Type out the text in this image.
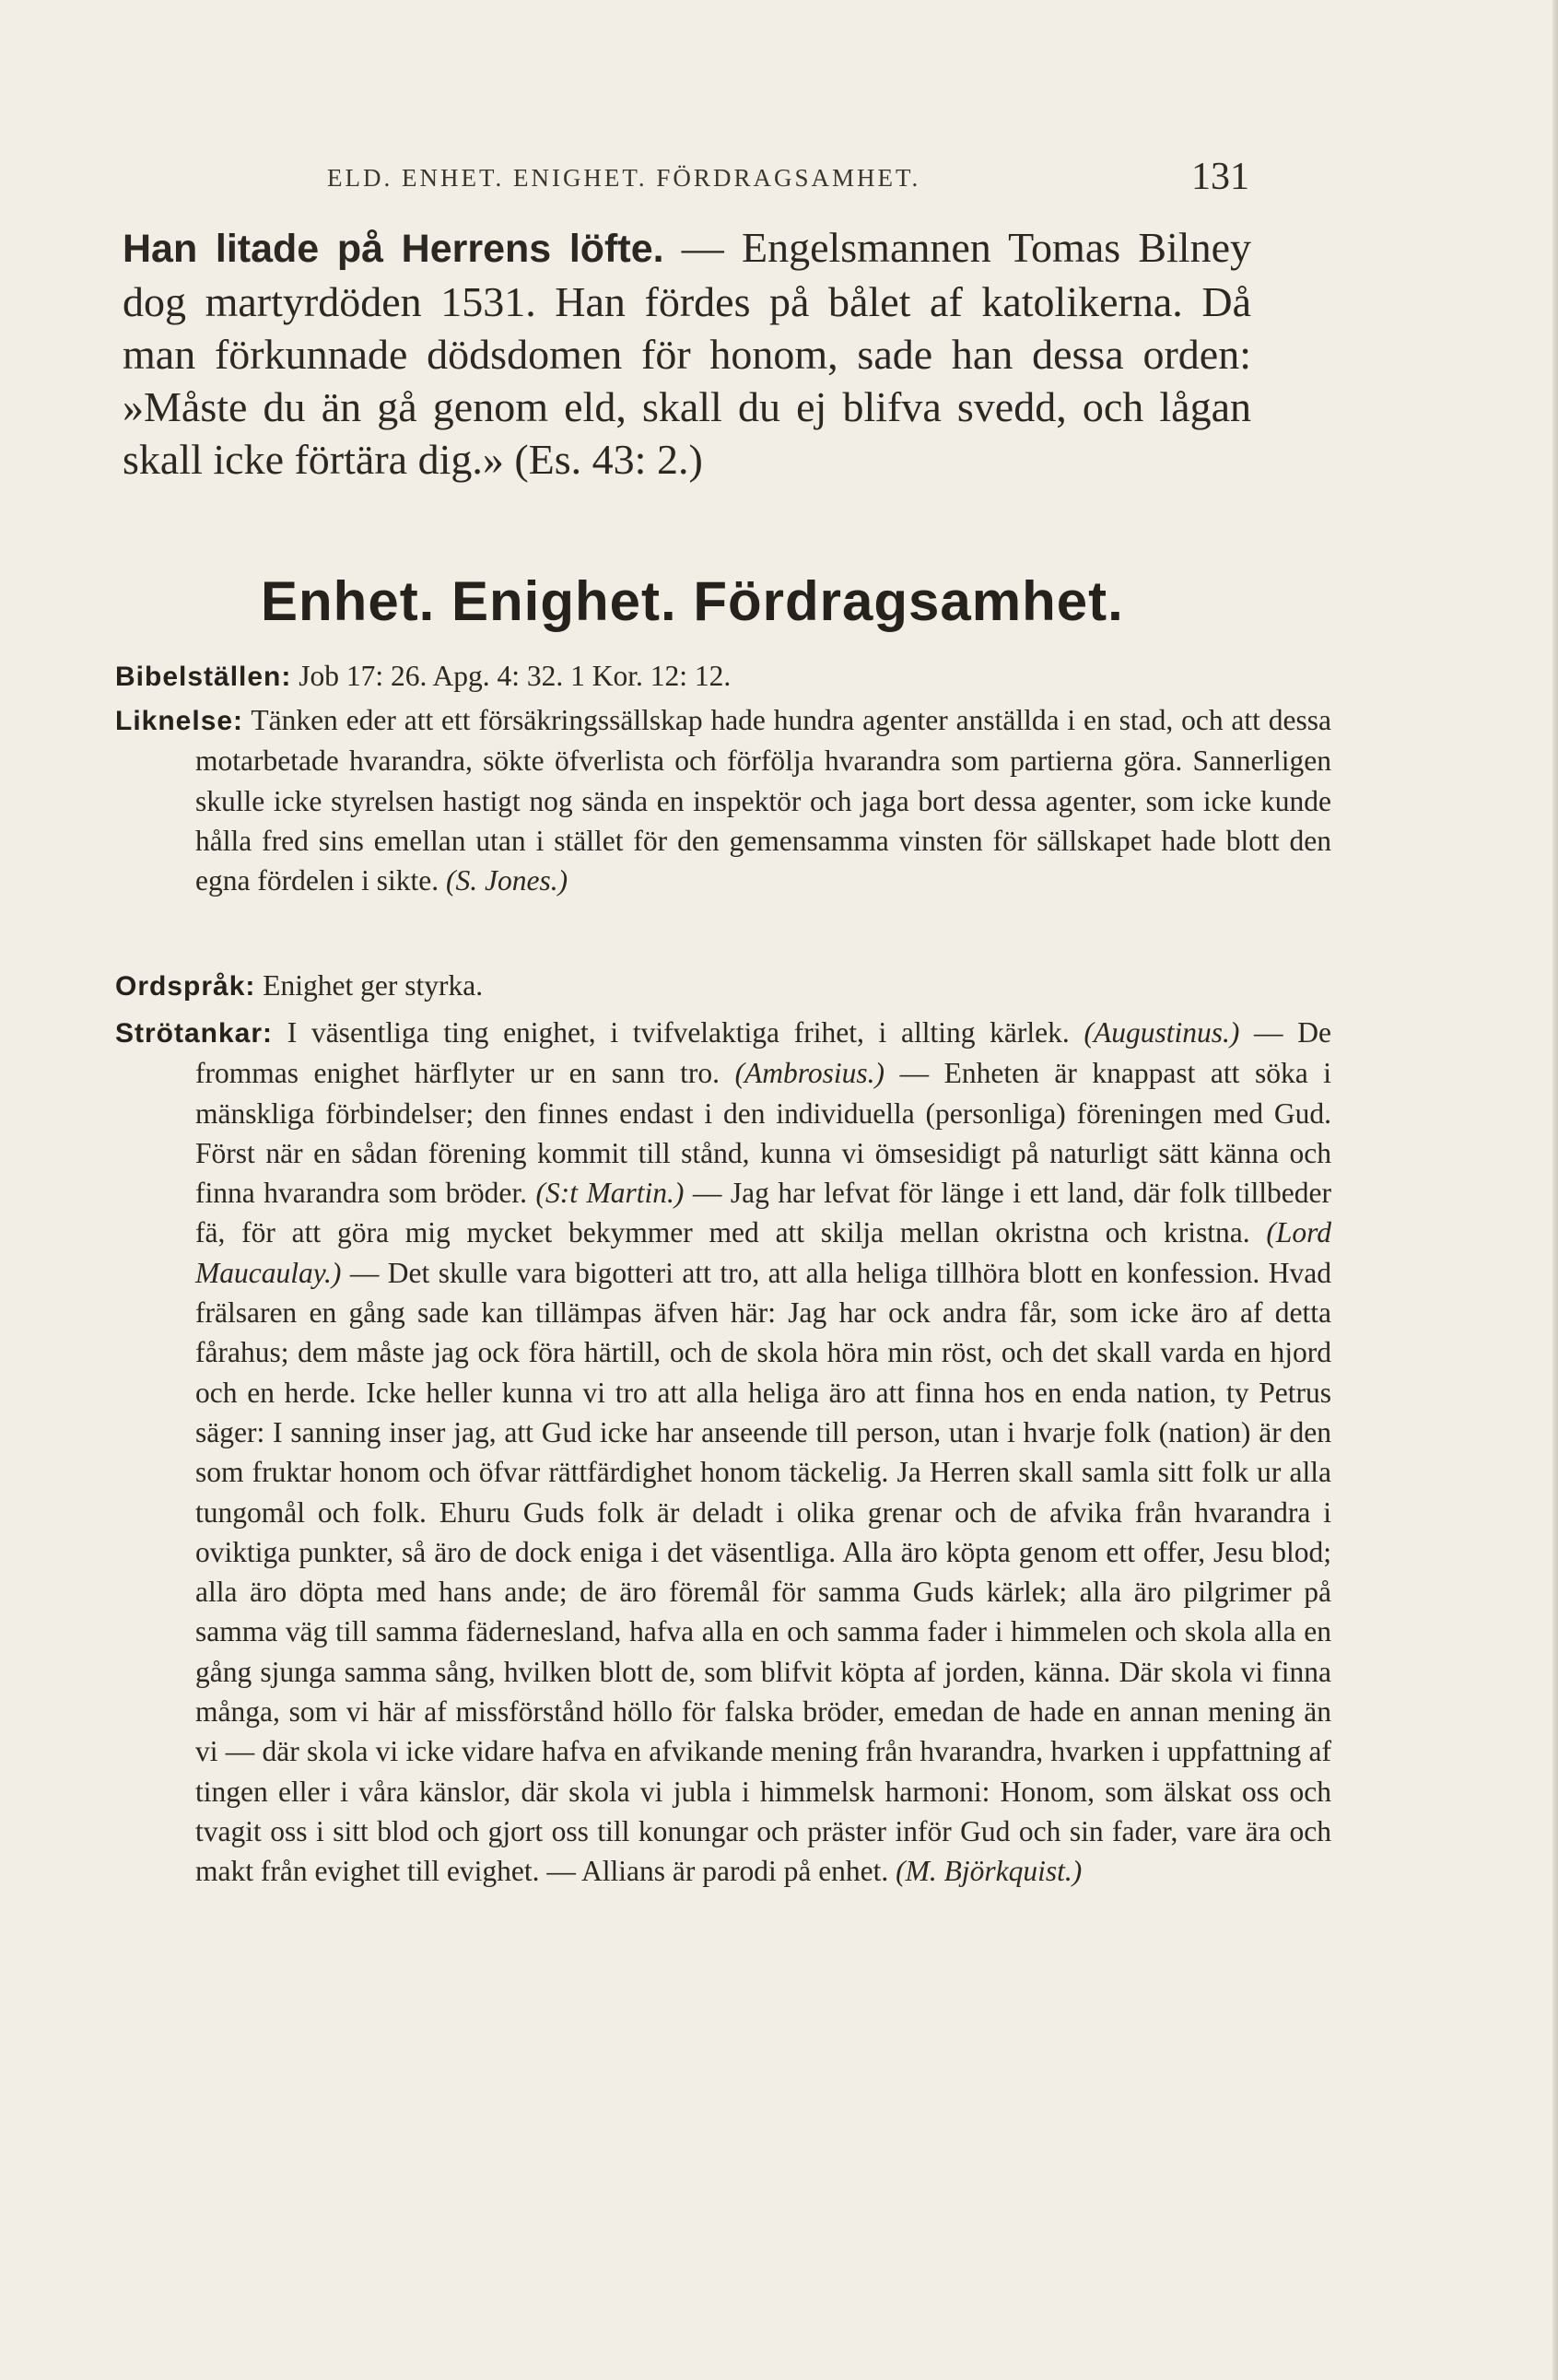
ELD. ENHET. ENIGHET. FÖRDRAGSAMHET.	131
Han litade på Herrens löfte. — Engelsmannen Tomas Bilney dog martyrdöden 1531. Han fördes på bålet af katolikerna. Då man förkunnade dödsdomen för honom, sade han dessa orden: »Måste du än gå genom eld, skall du ej blifva svedd, och lågan skall icke förtära dig.» (Es. 43: 2.)
Enhet. Enighet. Fördragsamhet.
Bibelställen: Job 17: 26. Apg. 4: 32. 1 Kor. 12: 12.
Liknelse: Tänken eder att ett försäkringssällskap hade hundra agenter anställda i en stad, och att dessa motarbetade hvarandra, sökte öfverlista och förfölja hvarandra som partierna göra. Sannerligen skulle icke styrelsen hastigt nog sända en inspektör och jaga bort dessa agenter, som icke kunde hålla fred sins emellan utan i stället för den gemensamma vinsten för sällskapet hade blott den egna fördelen i sikte. (S. Jones.)
Ordspråk: Enighet ger styrka.
Strötankar: I väsentliga ting enighet, i tvifvelaktiga frihet, i allting kärlek. (Augustinus.) — De frommas enighet härflyter ur en sann tro. (Ambrosius.) — Enheten är knappast att söka i mänskliga förbindelser; den finnes endast i den individuella (personliga) föreningen med Gud. Först när en sådan förening kommit till stånd, kunna vi ömsesidigt på naturligt sätt känna och finna hvarandra som bröder. (S:t Martin.) — Jag har lefvat för länge i ett land, där folk tillbeder fä, för att göra mig mycket bekymmer med att skilja mellan okristna och kristna. (Lord Maucaulay.) — Det skulle vara bigotteri att tro, att alla heliga tillhöra blott en konfession. Hvad frälsaren en gång sade kan tillämpas äfven här: Jag har ock andra får, som icke äro af detta fårahus; dem måste jag ock föra härtill, och de skola höra min röst, och det skall varda en hjord och en herde. Icke heller kunna vi tro att alla heliga äro att finna hos en enda nation, ty Petrus säger: I sanning inser jag, att Gud icke har anseende till person, utan i hvarje folk (nation) är den som fruktar honom och öfvar rättfärdighet honom täckelig. Ja Herren skall samla sitt folk ur alla tungomål och folk. Ehuru Guds folk är deladt i olika grenar och de afvika från hvarandra i oviktiga punkter, så äro de dock eniga i det väsentliga. Alla äro köpta genom ett offer, Jesu blod; alla äro döpta med hans ande; de äro föremål för samma Guds kärlek; alla äro pilgrimer på samma väg till samma fädernesland, hafva alla en och samma fader i himmelen och skola alla en gång sjunga samma sång, hvilken blott de, som blifvit köpta af jorden, känna. Där skola vi finna många, som vi här af missförstånd höllo för falska bröder, emedan de hade en annan mening än vi — där skola vi icke vidare hafva en afvikande mening från hvarandra, hvarken i uppfattning af tingen eller i våra känslor, där skola vi jubla i himmelsk harmoni: Honom, som älskat oss och tvagit oss i sitt blod och gjort oss till konungar och präster inför Gud och sin fader, vare ära och makt från evighet till evighet. — Allians är parodi på enhet. (M. Björkquist.)
